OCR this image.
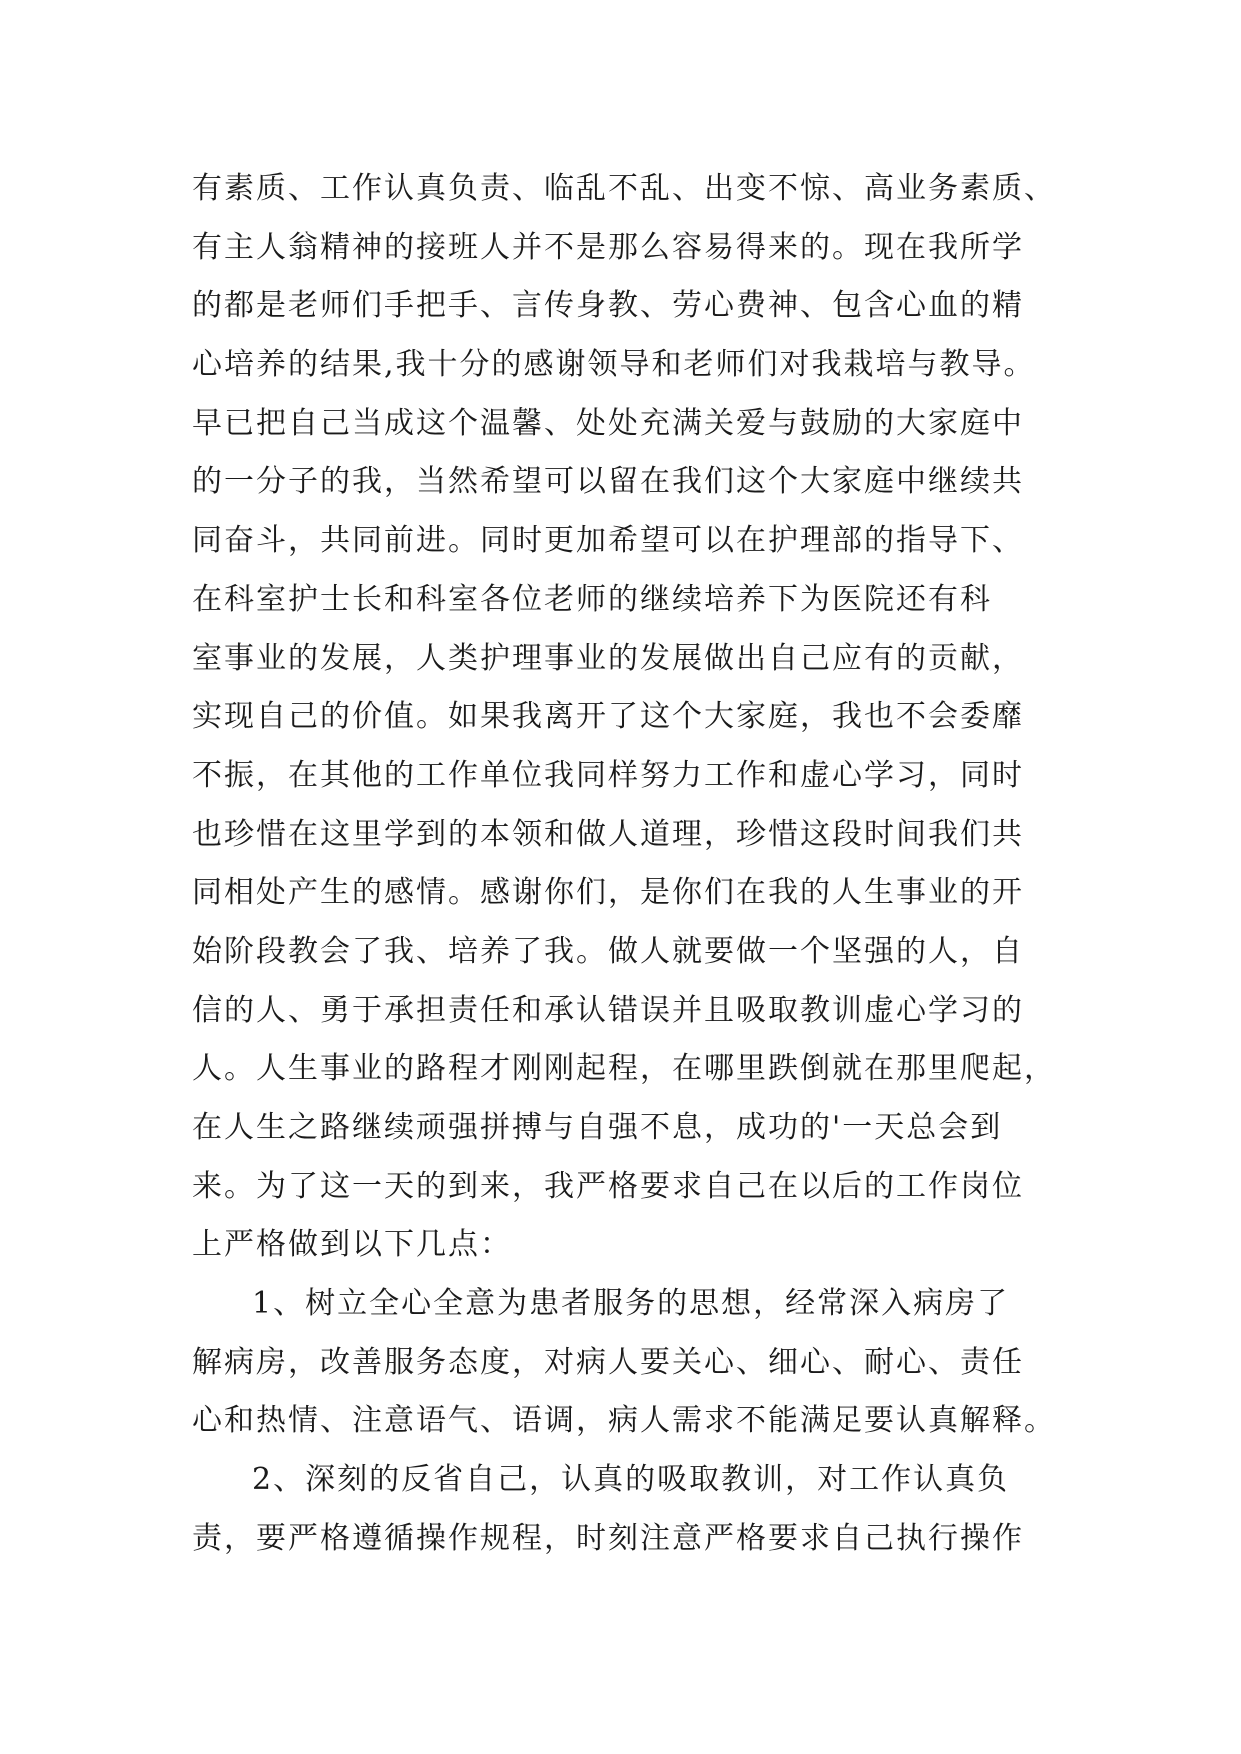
有素质、工作认真负责、临乱不乱、出变不惊、高业务素质、
有主人翁精神的接班人并不是那么容易得来的。现在我所学
的都是老师们手把手、言传身教、劳心费神、包含心血的精
心培养的结果,我十分的感谢领导和老师们对我栽培与教导。
早已把自己当成这个温馨、处处充满关爱与鼓励的大家庭中
的一分子的我，当然希望可以留在我们这个大家庭中继续共
同奋斗，共同前进。同时更加希望可以在护理部的指导下、
在科室护士长和科室各位老师的继续培养下为医院还有科
室事业的发展，人类护理事业的发展做出自己应有的贡献，
实现自己的价值。如果我离开了这个大家庭，我也不会委靡
不振，在其他的工作单位我同样努力工作和虚心学习，同时
也珍惜在这里学到的本领和做人道理，珍惜这段时间我们共
同相处产生的感情。感谢你们，是你们在我的人生事业的开
始阶段教会了我、培养了我。做人就要做一个坚强的人，自
信的人、勇于承担责任和承认错误并且吸取教训虚心学习的
人。人生事业的路程才刚刚起程，在哪里跌倒就在那里爬起，
在人生之路继续顽强拼搏与自强不息，成功的'一天总会到
来。为了这一天的到来，我严格要求自己在以后的工作岗位
上严格做到以下几点：
1、树立全心全意为患者服务的思想，经常深入病房了
解病房，改善服务态度，对病人要关心、细心、耐心、责任
心和热情、注意语气、语调，病人需求不能满足要认真解释。
2、深刻的反省自己，认真的吸取教训，对工作认真负
责，要严格遵循操作规程，时刻注意严格要求自己执行操作
